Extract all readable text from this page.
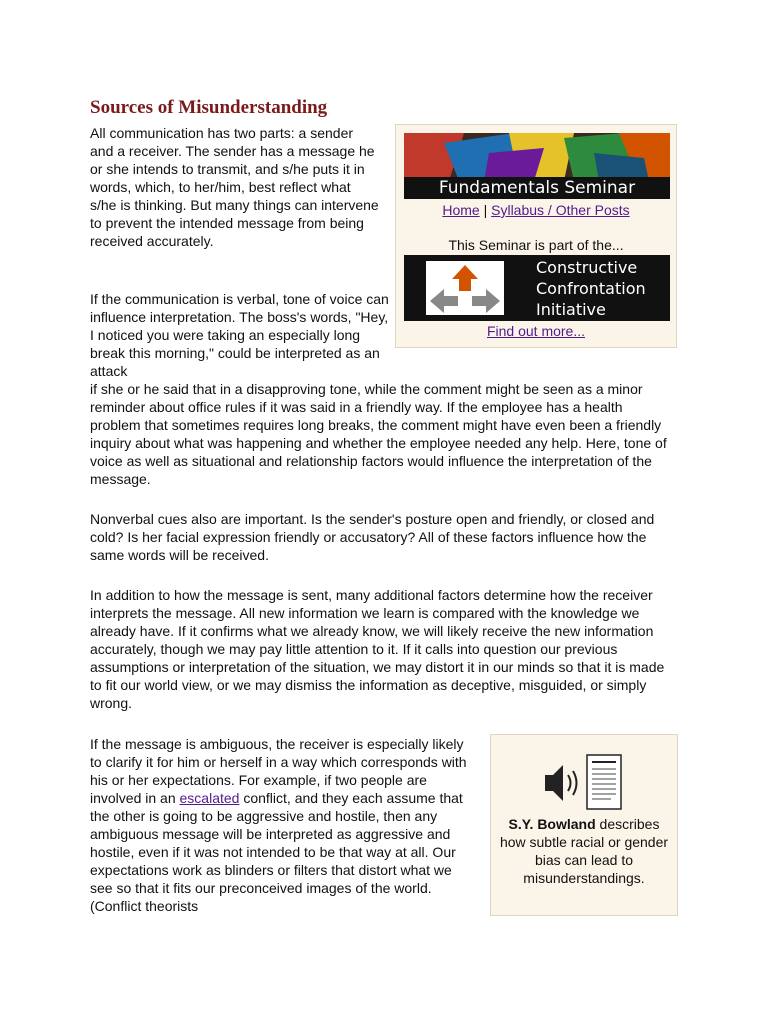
Sources of Misunderstanding

All communication has two parts: a sender and a receiver. The sender has a message he or she intends to transmit, and s/he puts it in words, which, to her/him, best reflect what s/he is thinking. But many things can intervene to prevent the intended message from being received accurately.

If the communication is verbal, tone of voice can influence interpretation. The boss's words, "Hey, I noticed you were taking an especially long break this morning," could be interpreted as an attack

if she or he said that in a disapproving tone, while the comment might be seen as a minor reminder about office rules if it was said in a friendly way. If the employee has a health problem that sometimes requires long breaks, the comment might have even been a friendly inquiry about what was happening and whether the employee needed any help. Here, tone of voice as well as situational and relationship factors would influence the interpretation of the message.

Nonverbal cues also are important. Is the sender's posture open and friendly, or closed and cold? Is her facial expression friendly or accusatory? All of these factors influence how the same words will be received.

In addition to how the message is sent, many additional factors determine how the receiver interprets the message. All new information we learn is compared with the knowledge we already have. If it confirms what we already know, we will likely receive the new information accurately, though we may pay little attention to it. If it calls into question our previous assumptions or interpretation of the situation, we may distort it in our minds so that it is made to fit our world view, or we may dismiss the information as deceptive, misguided, or simply wrong.

If the message is ambiguous, the receiver is especially likely to clarify it for him or herself in a way which corresponds with his or her expectations. For example, if two people are involved in an escalated conflict, and they each assume that the other is going to be aggressive and hostile, then any ambiguous message will be interpreted as aggressive and hostile, even if it was not intended to be that way at all. Our expectations work as blinders or filters that distort what we see so that it fits our preconceived images of the world. (Conflict theorists

Fundamentals Seminar
Home | Syllabus / Other Posts
This Seminar is part of the...
Constructive
Confrontation
Initiative
Find out more...
S.Y. Bowland describes how subtle racial or gender bias can lead to misunderstandings.
